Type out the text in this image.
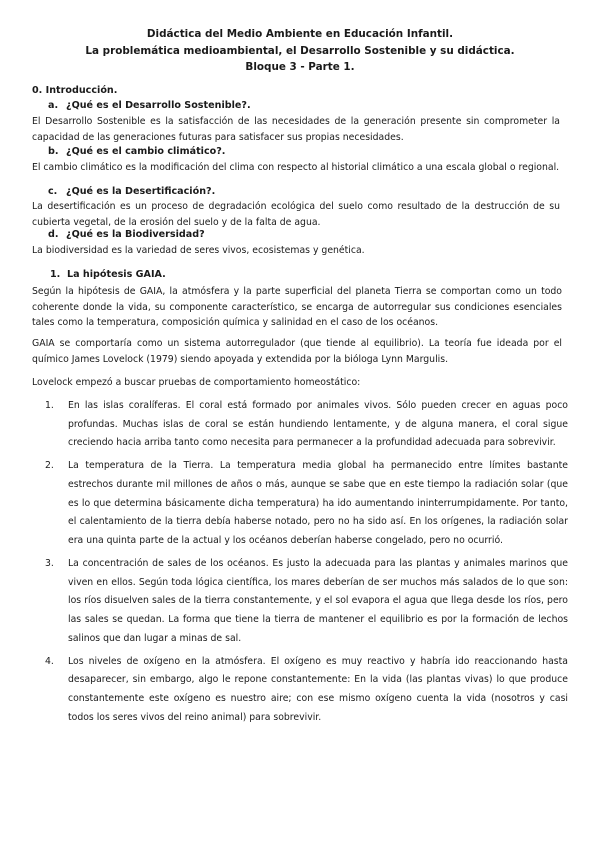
Didáctica del Medio Ambiente en Educación Infantil.
La problemática medioambiental, el Desarrollo Sostenible y su didáctica.
Bloque 3 - Parte 1.
0. Introducción.
a. ¿Qué es el Desarrollo Sostenible?.
El Desarrollo Sostenible es la satisfacción de las necesidades de la generación presente sin comprometer la capacidad de las generaciones futuras para satisfacer sus propias necesidades.
b. ¿Qué es el cambio climático?.
El cambio climático es la modificación del clima con respecto al historial climático a una escala global o regional.
c. ¿Qué es la Desertificación?.
La desertificación es un proceso de degradación ecológica del suelo como resultado de la destrucción de su cubierta vegetal, de la erosión del suelo y de la falta de agua.
d. ¿Qué es la Biodiversidad?
La biodiversidad es la variedad de seres vivos, ecosistemas y genética.
1. La hipótesis GAIA.
Según la hipótesis de GAIA, la atmósfera y la parte superficial del planeta Tierra se comportan como un todo coherente donde la vida, su componente característico, se encarga de autorregular sus condiciones esenciales tales como la temperatura, composición química y salinidad en el caso de los océanos.
GAIA se comportaría como un sistema autorregulador (que tiende al equilibrio). La teoría fue ideada por el químico James Lovelock (1979) siendo apoyada y extendida por la bióloga Lynn Margulis.
Lovelock empezó a buscar pruebas de comportamiento homeostático:
1. En las islas coralíferas. El coral está formado por animales vivos. Sólo pueden crecer en aguas poco profundas. Muchas islas de coral se están hundiendo lentamente, y de alguna manera, el coral sigue creciendo hacia arriba tanto como necesita para permanecer a la profundidad adecuada para sobrevivir.
2. La temperatura de la Tierra. La temperatura media global ha permanecido entre límites bastante estrechos durante mil millones de años o más, aunque se sabe que en este tiempo la radiación solar (que es lo que determina básicamente dicha temperatura) ha ido aumentando ininterrumpidamente. Por tanto, el calentamiento de la tierra debía haberse notado, pero no ha sido así. En los orígenes, la radiación solar era una quinta parte de la actual y los océanos deberían haberse congelado, pero no ocurrió.
3. La concentración de sales de los océanos. Es justo la adecuada para las plantas y animales marinos que viven en ellos. Según toda lógica científica, los mares deberían de ser muchos más salados de lo que son: los ríos disuelven sales de la tierra constantemente, y el sol evapora el agua que llega desde los ríos, pero las sales se quedan. La forma que tiene la tierra de mantener el equilibrio es por la formación de lechos salinos que dan lugar a minas de sal.
4. Los niveles de oxígeno en la atmósfera. El oxígeno es muy reactivo y habría ido reaccionando hasta desaparecer, sin embargo, algo le repone constantemente: En la vida (las plantas vivas) lo que produce constantemente este oxígeno es nuestro aire; con ese mismo oxígeno cuenta la vida (nosotros y casi todos los seres vivos del reino animal) para sobrevivir.
